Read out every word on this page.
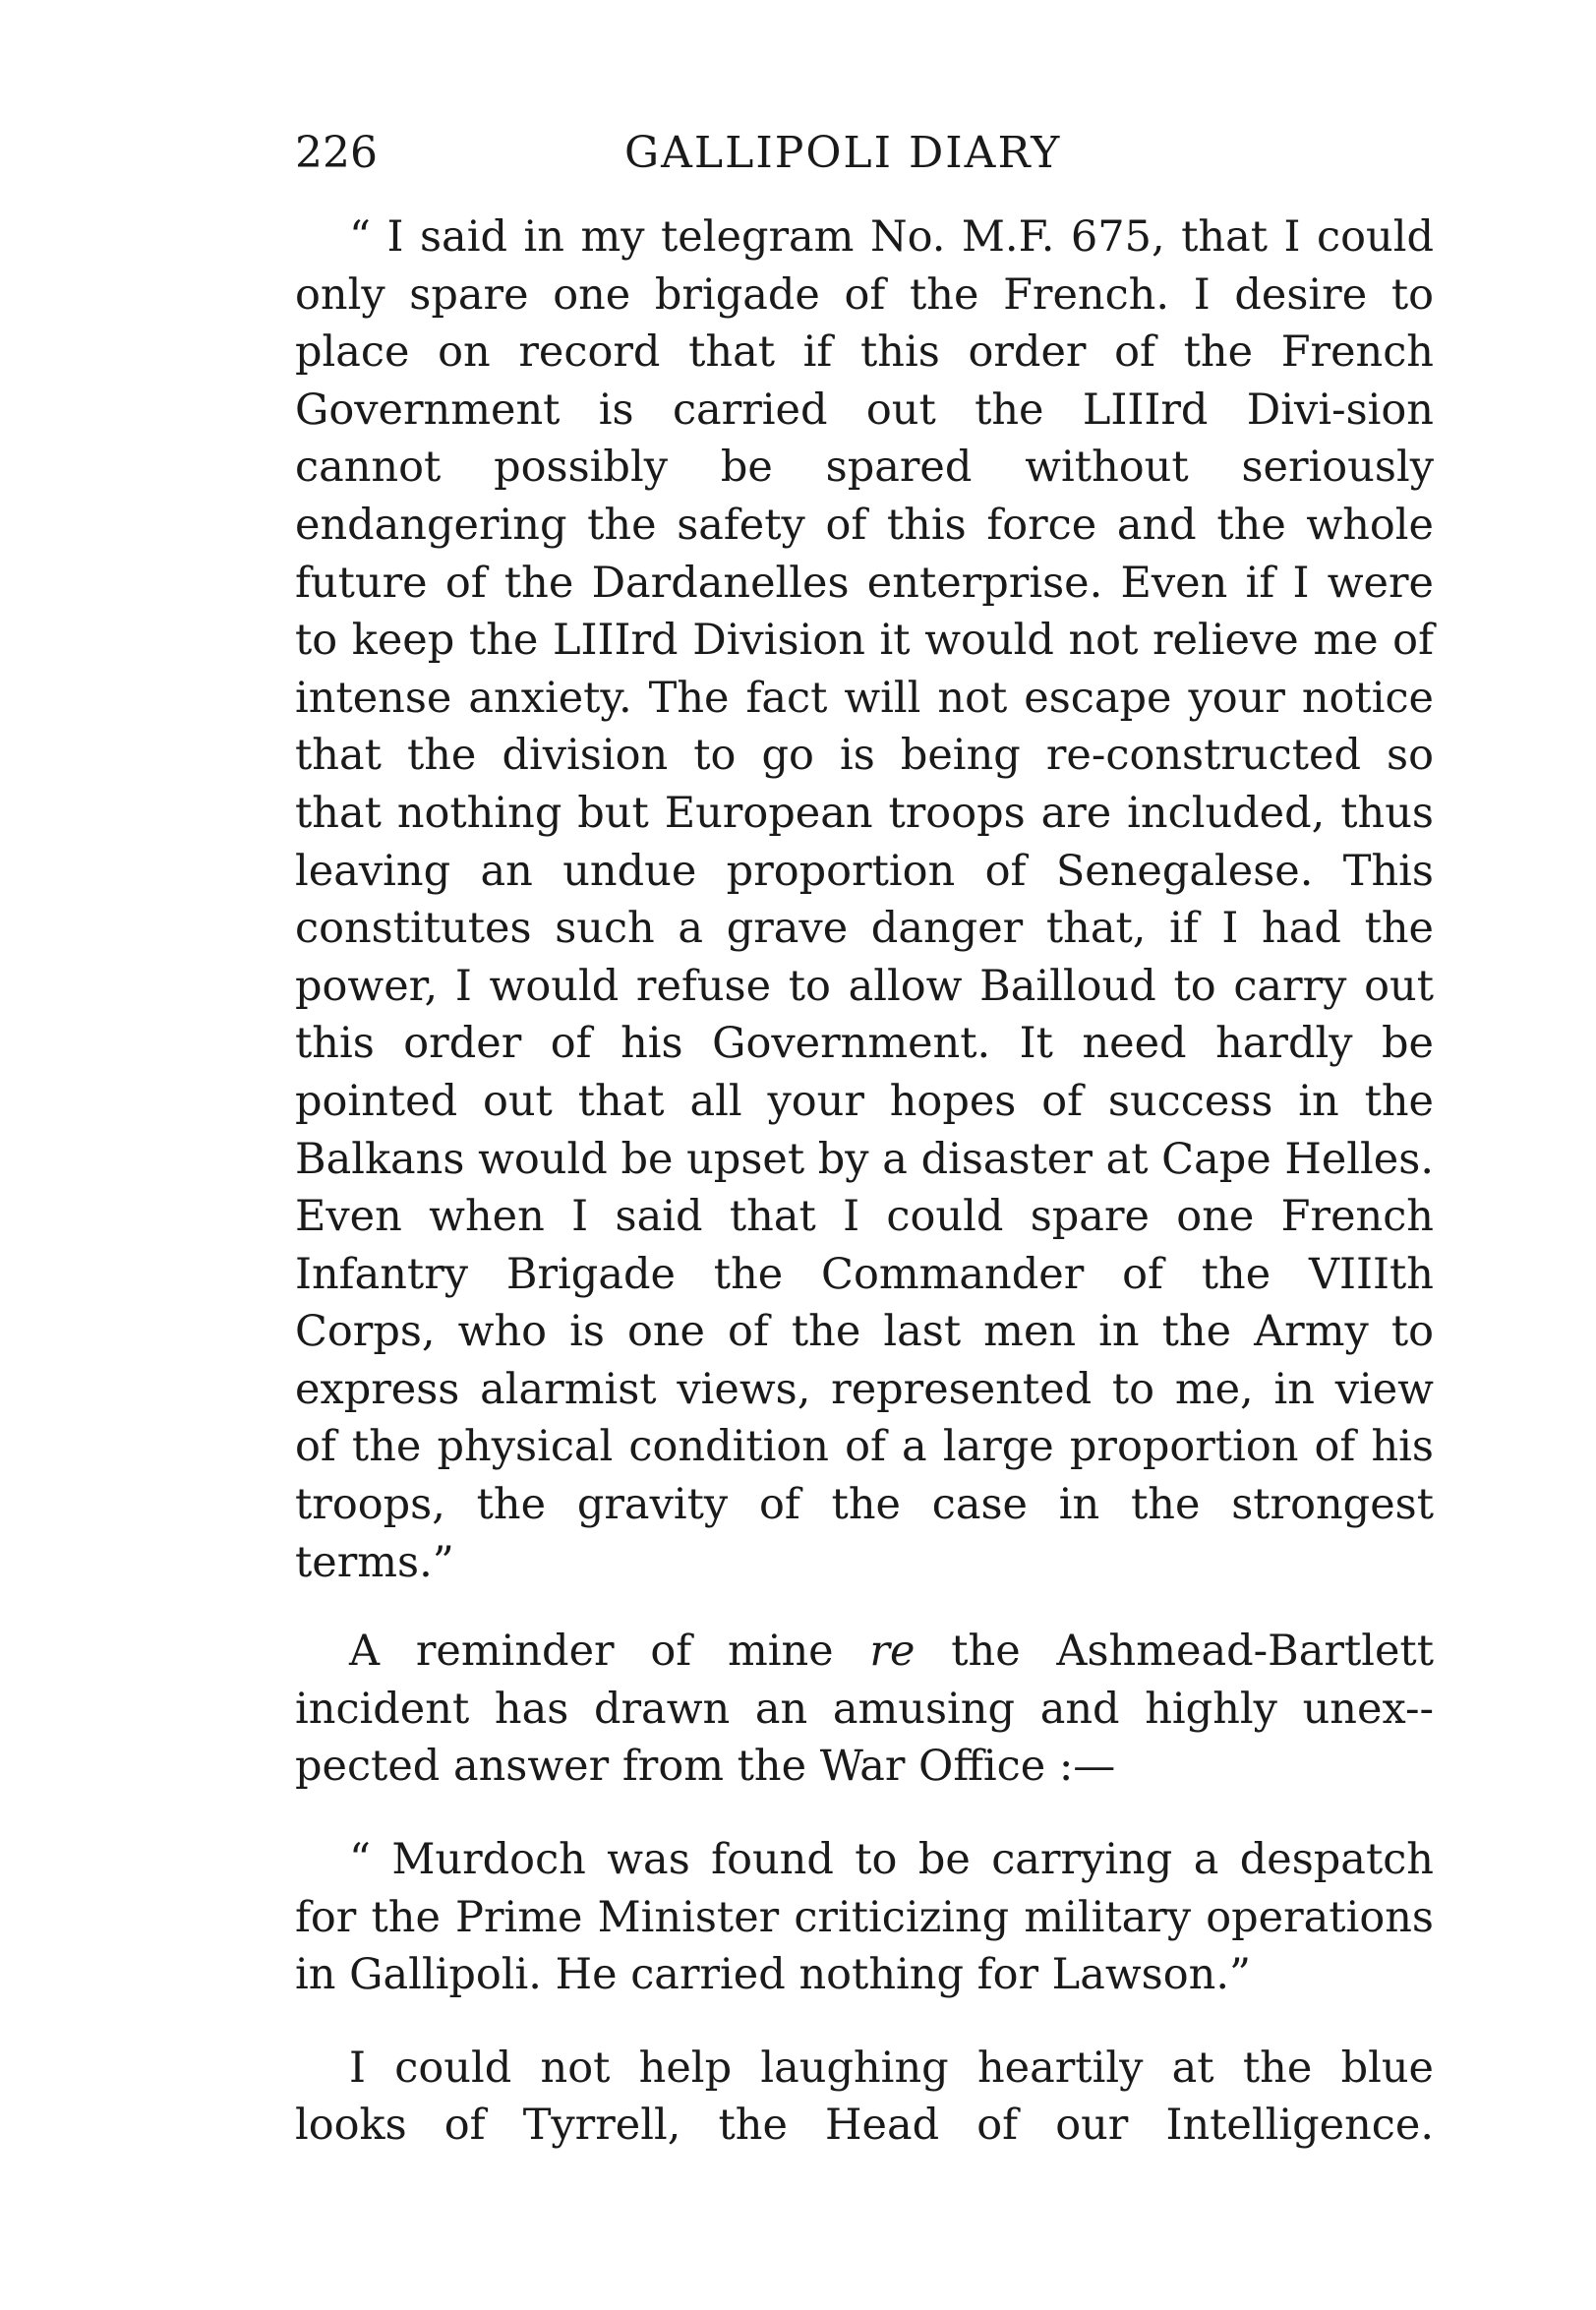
226	GALLIPOLI DIARY

“ I said in my telegram No. M.F. 675, that I could only spare one brigade of the French. I desire to place on record that if this order of the French Government is carried out the LIIIrd Divi-sion cannot possibly be spared without seriously endangering the safety of this force and the whole future of the Dardanelles enterprise. Even if I were to keep the LIIIrd Division it would not relieve me of intense anxiety. The fact will not escape your notice that the division to go is being re-constructed so that nothing but European troops are included, thus leaving an undue proportion of Senegalese. This constitutes such a grave danger that, if I had the power, I would refuse to allow Bailloud to carry out this order of his Government. It need hardly be pointed out that all your hopes of success in the Balkans would be upset by a disaster at Cape Helles. Even when I said that I could spare one French Infantry Brigade the Commander of the VIIIth Corps, who is one of the last men in the Army to express alarmist views, represented to me, in view of the physical condition of a large proportion of his troops, the gravity of the case in the strongest terms.”

A reminder of mine re the Ashmead-Bartlett incident has drawn an amusing and highly unex-pected answer from the War Office :—

“ Murdoch was found to be carrying a despatch for the Prime Minister criticizing military operations in Gallipoli. He carried nothing for Lawson.”

I could not help laughing heartily at the blue looks of Tyrrell, the Head of our Intelligence.
